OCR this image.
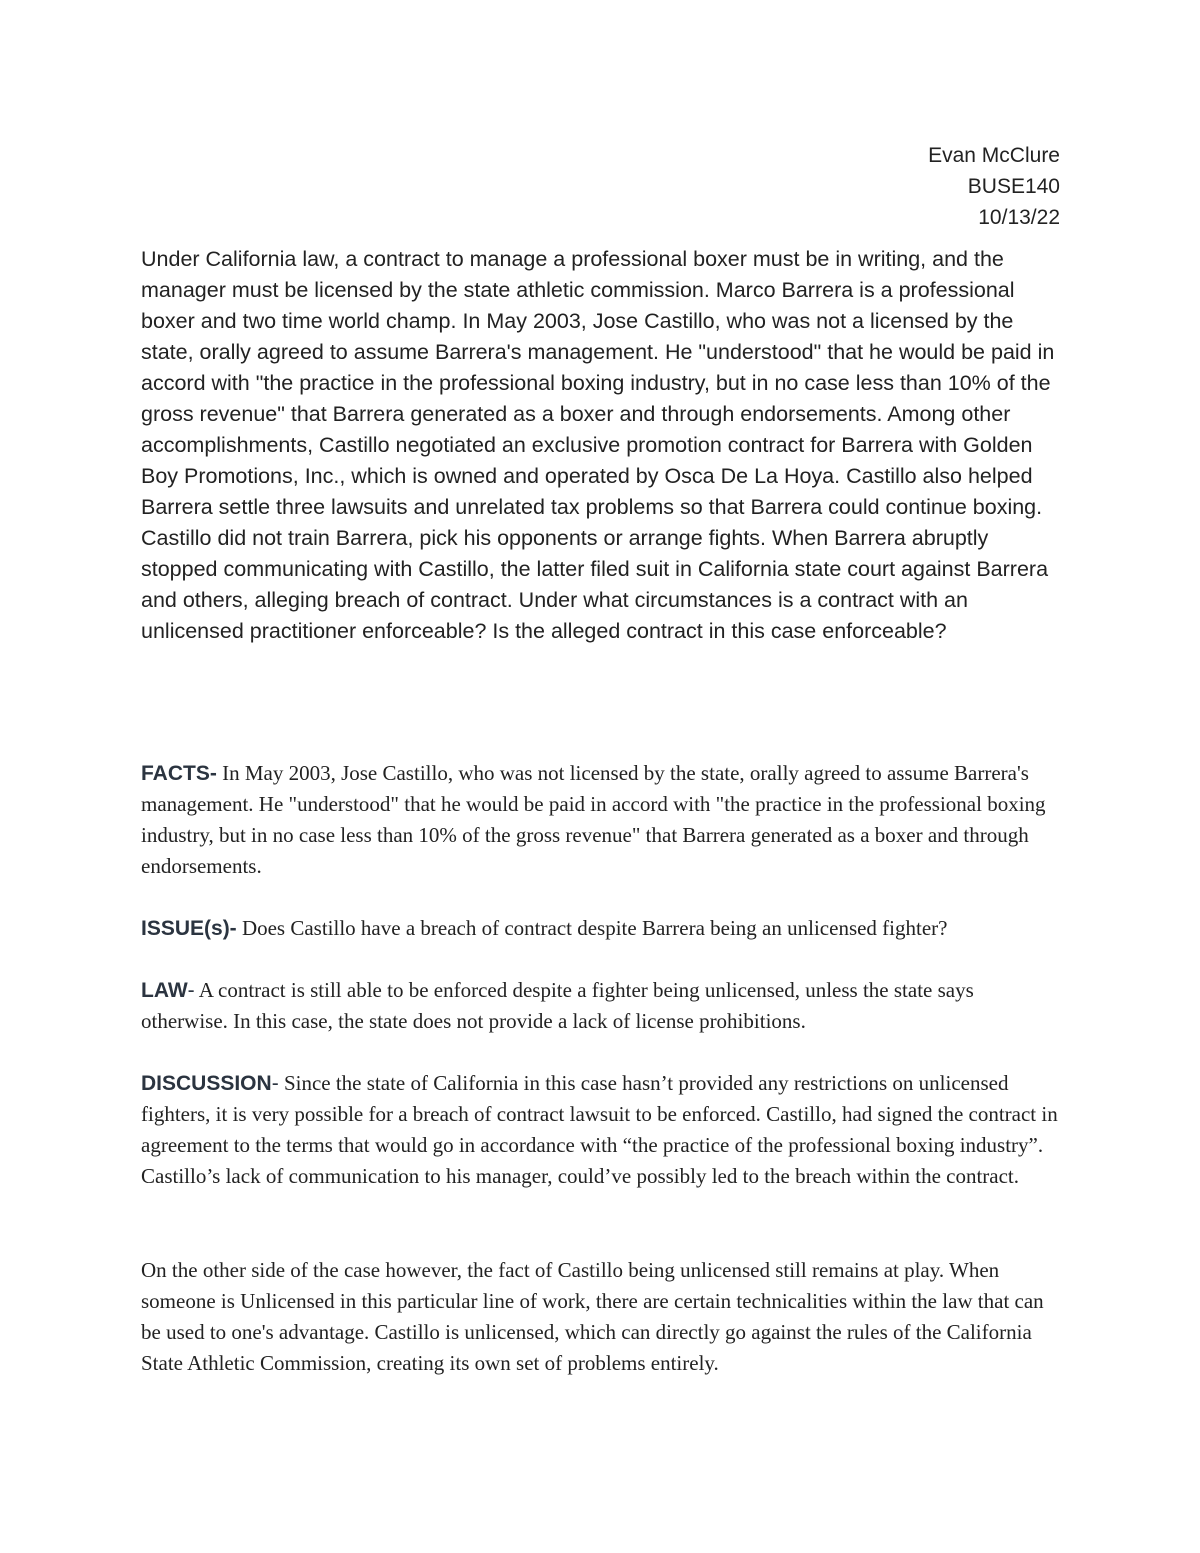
Evan McClure
BUSE140
10/13/22

Under California law, a contract to manage a professional boxer must be in writing, and the manager must be licensed by the state athletic commission. Marco Barrera is a professional boxer and two time world champ. In May 2003, Jose Castillo, who was not a licensed by the state, orally agreed to assume Barrera's management. He "understood" that he would be paid in accord with "the practice in the professional boxing industry, but in no case less than 10% of the gross revenue" that Barrera generated as a boxer and through endorsements. Among other accomplishments, Castillo negotiated an exclusive promotion contract for Barrera with Golden Boy Promotions, Inc., which is owned and operated by Osca De La Hoya. Castillo also helped Barrera settle three lawsuits and unrelated tax problems so that Barrera could continue boxing. Castillo did not train Barrera, pick his opponents or arrange fights. When Barrera abruptly stopped communicating with Castillo, the latter filed suit in California state court against Barrera and others, alleging breach of contract. Under what circumstances is a contract with an unlicensed practitioner enforceable? Is the alleged contract in this case enforceable?

FACTS- In May 2003, Jose Castillo, who was not licensed by the state, orally agreed to assume Barrera's management. He "understood" that he would be paid in accord with "the practice in the professional boxing industry, but in no case less than 10% of the gross revenue" that Barrera generated as a boxer and through endorsements.

ISSUE(s)- Does Castillo have a breach of contract despite Barrera being an unlicensed fighter?

LAW- A contract is still able to be enforced despite a fighter being unlicensed, unless the state says otherwise. In this case, the state does not provide a lack of license prohibitions.

DISCUSSION- Since the state of California in this case hasn’t provided any restrictions on unlicensed fighters, it is very possible for a breach of contract lawsuit to be enforced. Castillo, had signed the contract in agreement to the terms that would go in accordance with “the practice of the professional boxing industry”. Castillo’s lack of communication to his manager, could’ve possibly led to the breach within the contract.

On the other side of the case however, the fact of Castillo being unlicensed still remains at play. When someone is Unlicensed in this particular line of work, there are certain technicalities within the law that can be used to one's advantage. Castillo is unlicensed, which can directly go against the rules of the California State Athletic Commission, creating its own set of problems entirely.
